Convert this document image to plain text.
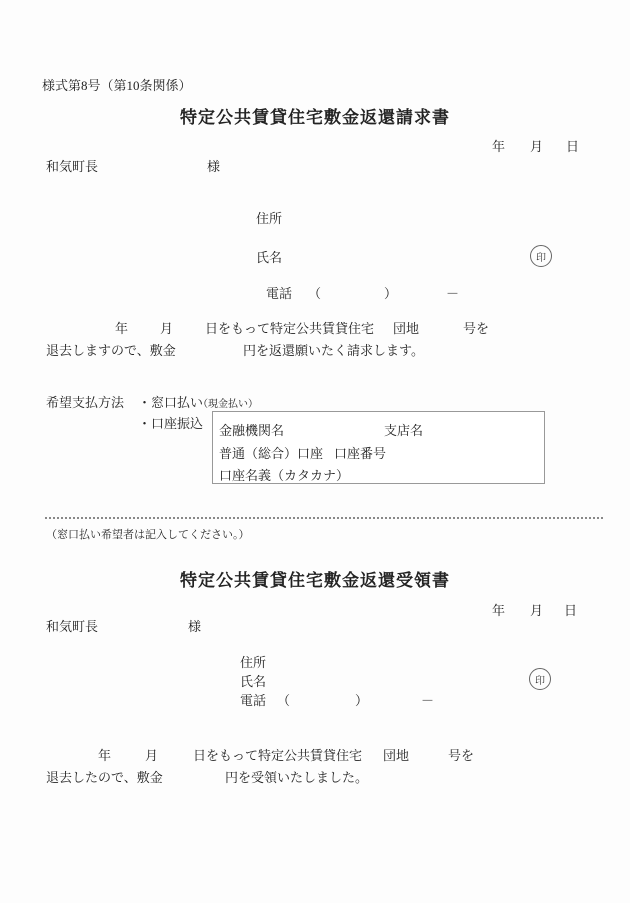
様式第8号（第10条関係）
特定公共賃貸住宅敷金返還請求書
年 月 日
和気町長	様
住所
氏名	印
電話 （	）	－
年 月 日をもって特定公共賃貸住宅 団地	号を
退去しますので、敷金	円を返還願いたく請求します。
希望支払方法 ・窓口払い
（現金払い）
・口座振込 金融機関名	支店名
普通（総合）口座 口座番号
口座名義（カタカナ）
（窓口払い希望者は記入してください。）
特定公共賃貸住宅敷金返還受領書
年 月 日
和気町長	様
住所
氏名	印
電話 （	）	－
年	月	日をもって特定公共賃貸住宅 団地	号を
退去したので、敷金	円を受領いたしました。
